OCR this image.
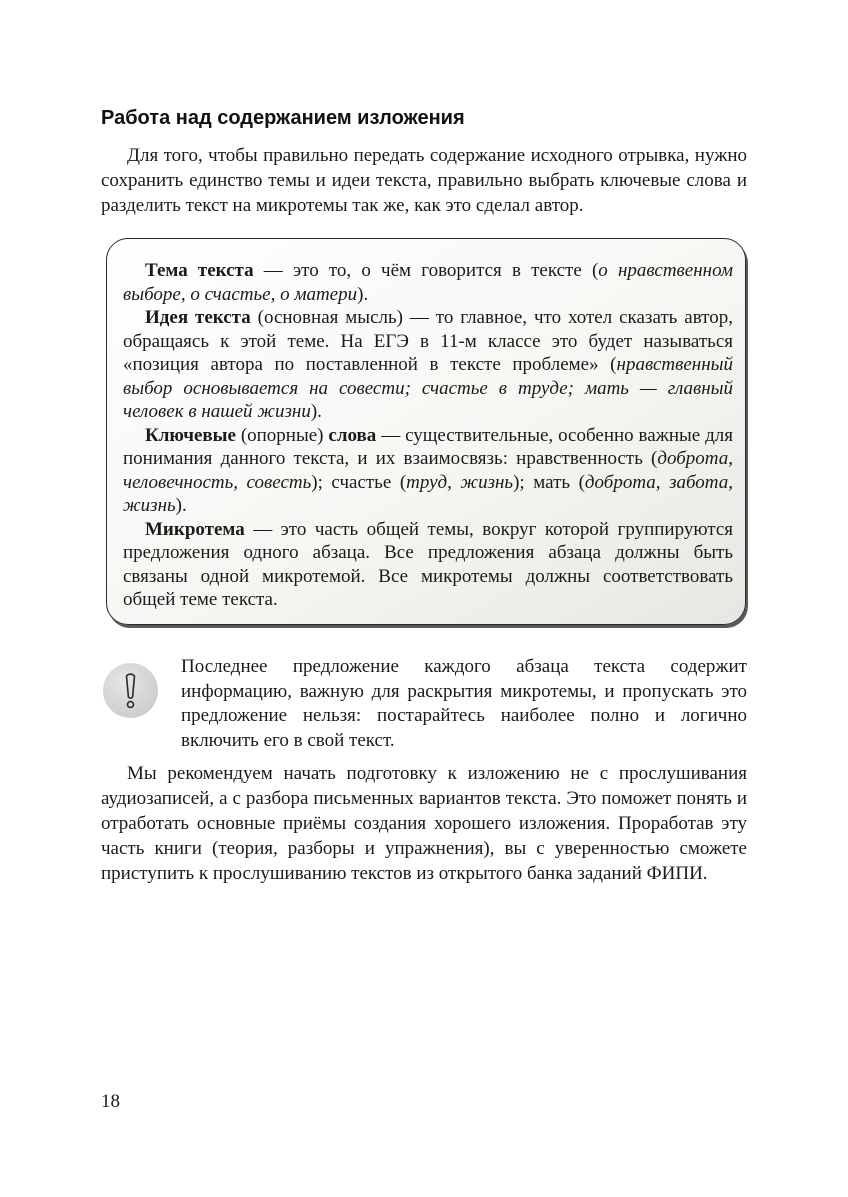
Работа над содержанием изложения

Для того, чтобы правильно передать содержание исходного отрывка, нужно сохранить единство темы и идеи текста, правильно выбрать ключевые слова и разделить текст на микротемы так же, как это сделал автор.

Тема текста — это то, о чём говорится в тексте (о нравственном выборе, о счастье, о матери).

Идея текста (основная мысль) — то главное, что хотел сказать автор, обращаясь к этой теме. На ЕГЭ в 11-м классе это будет называться «позиция автора по поставленной в тексте проблеме» (нравственный выбор основывается на совести; счастье в труде; мать — главный человек в нашей жизни).

Ключевые (опорные) слова — существительные, особенно важные для понимания данного текста, и их взаимосвязь: нравственность (доброта, человечность, совесть); счастье (труд, жизнь); мать (доброта, забота, жизнь).

Микротема — это часть общей темы, вокруг которой группируются предложения одного абзаца. Все предложения абзаца должны быть связаны одной микротемой. Все микротемы должны соответствовать общей теме текста.

Последнее предложение каждого абзаца текста содержит информацию, важную для раскрытия микротемы, и пропускать это предложение нельзя: постарайтесь наиболее полно и логично включить его в свой текст.

Мы рекомендуем начать подготовку к изложению не с прослушивания аудиозаписей, а с разбора письменных вариантов текста. Это поможет понять и отработать основные приёмы создания хорошего изложения. Проработав эту часть книги (теория, разборы и упражнения), вы с уверенностью сможете приступить к прослушиванию текстов из открытого банка заданий ФИПИ.

18
